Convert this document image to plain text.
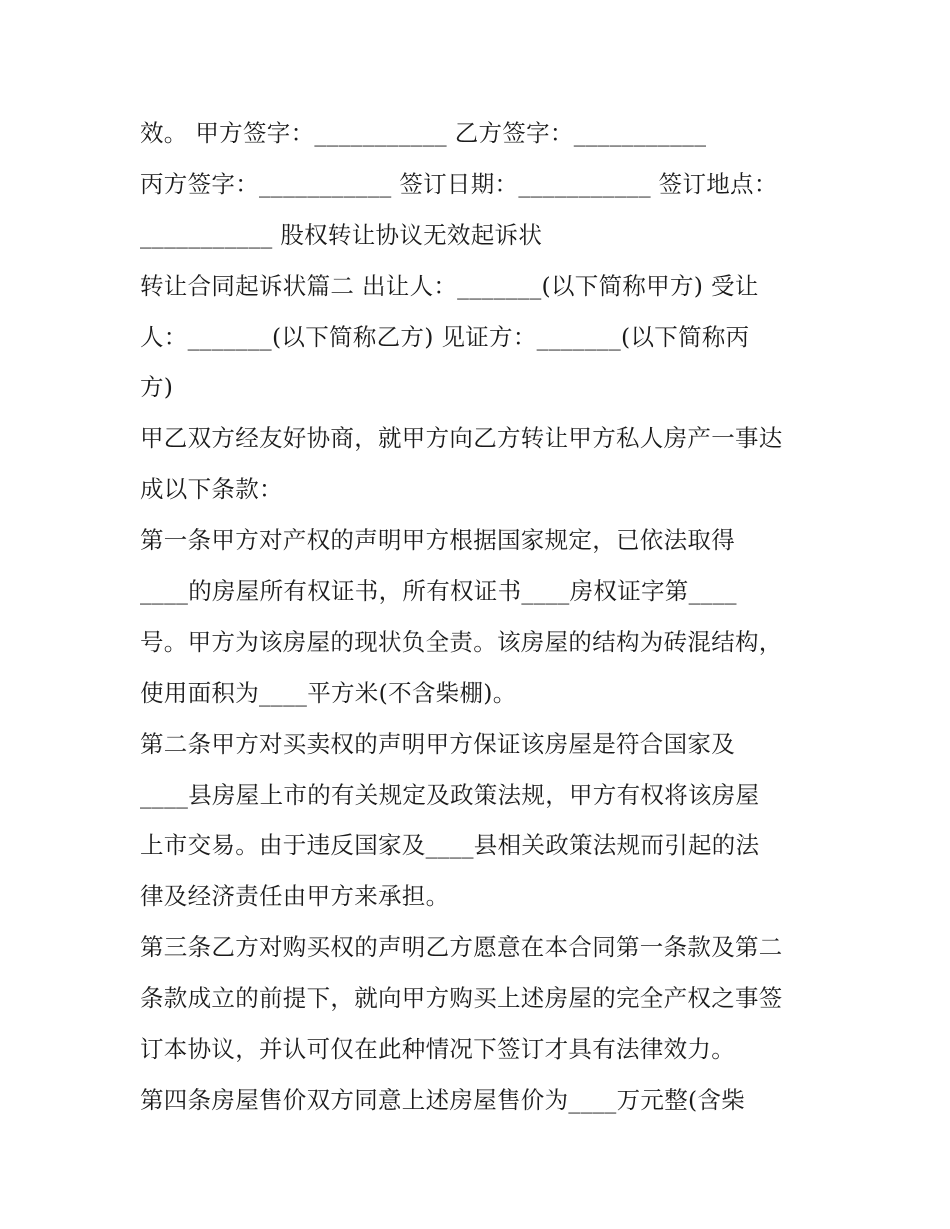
效。 甲方签字：___________ 乙方签字：___________
丙方签字：___________ 签订日期：___________ 签订地点：
___________ 股权转让协议无效起诉状
转让合同起诉状篇二 出让人：_______(以下简称甲方) 受让
人：_______(以下简称乙方) 见证方：_______(以下简称丙
方)
甲乙双方经友好协商，就甲方向乙方转让甲方私人房产一事达
成以下条款：
第一条甲方对产权的声明甲方根据国家规定，已依法取得
____的房屋所有权证书，所有权证书____房权证字第____
号。甲方为该房屋的现状负全责。该房屋的结构为砖混结构，
使用面积为____平方米(不含柴棚)。
第二条甲方对买卖权的声明甲方保证该房屋是符合国家及
____县房屋上市的有关规定及政策法规，甲方有权将该房屋
上市交易。由于违反国家及____县相关政策法规而引起的法
律及经济责任由甲方来承担。
第三条乙方对购买权的声明乙方愿意在本合同第一条款及第二
条款成立的前提下，就向甲方购买上述房屋的完全产权之事签
订本协议，并认可仅在此种情况下签订才具有法律效力。
第四条房屋售价双方同意上述房屋售价为____万元整(含柴
